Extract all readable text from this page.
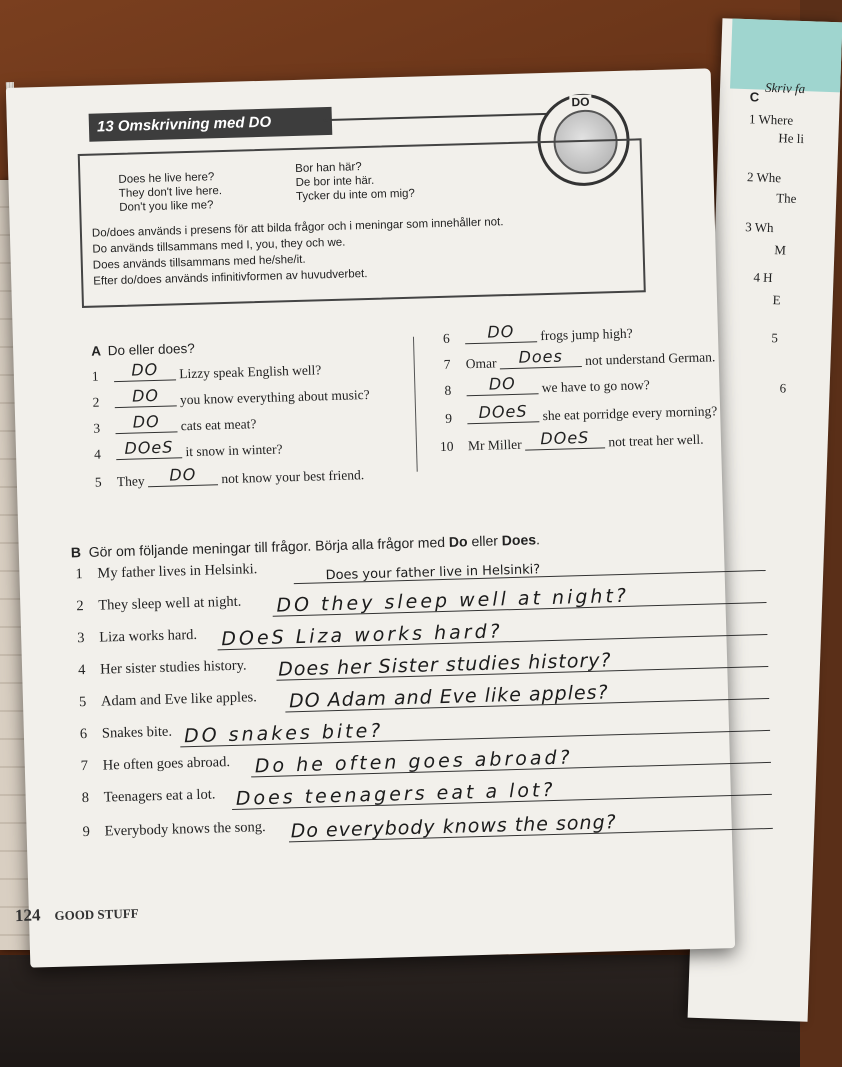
C
Skriv fa
1 Where
He li
2 Whe
The
3 Wh
M
4 H
E
5
6
13 Omskrivning med DO
DO
Does he live here?
They don't live here.
Don't you like me?
Bor han här?
De bor inte här.
Tycker du inte om mig?
Do/does används i presens för att bilda frågor och i meningar som innehåller not.
Do används tillsammans med I, you, they och we.
Does används tillsammans med he/she/it.
Efter do/does används infinitivformen av huvudverbet.
A Do eller does?
1 DO Lizzy speak English well?
2 DO you know everything about music?
3 DO cats eat meat?
4 DOeS it snow in winter?
5 They DO not know your best friend.
6 DO frogs jump high?
7 Omar Does not understand German.
8 DO we have to go now?
9 DOeS she eat porridge every morning?
10 Mr Miller DOeS not treat her well.
B Gör om följande meningar till frågor. Börja alla frågor med Do eller Does.
1 My father lives in Helsinki.	Does your father live in Helsinki?
2 They sleep well at night. DO they sleep well at night?
3 Liza works hard. DOeS Liza works hard?
4 Her sister studies history. Does her Sister studies history?
5 Adam and Eve like apples. DO Adam and Eve like apples?
6 Snakes bite. DO snakes bite?
7 He often goes abroad. Do he often goes abroad?
8 Teenagers eat a lot. Does teenagers eat a lot?
9 Everybody knows the song. Do everybody knows the song?
124 GOOD STUFF
